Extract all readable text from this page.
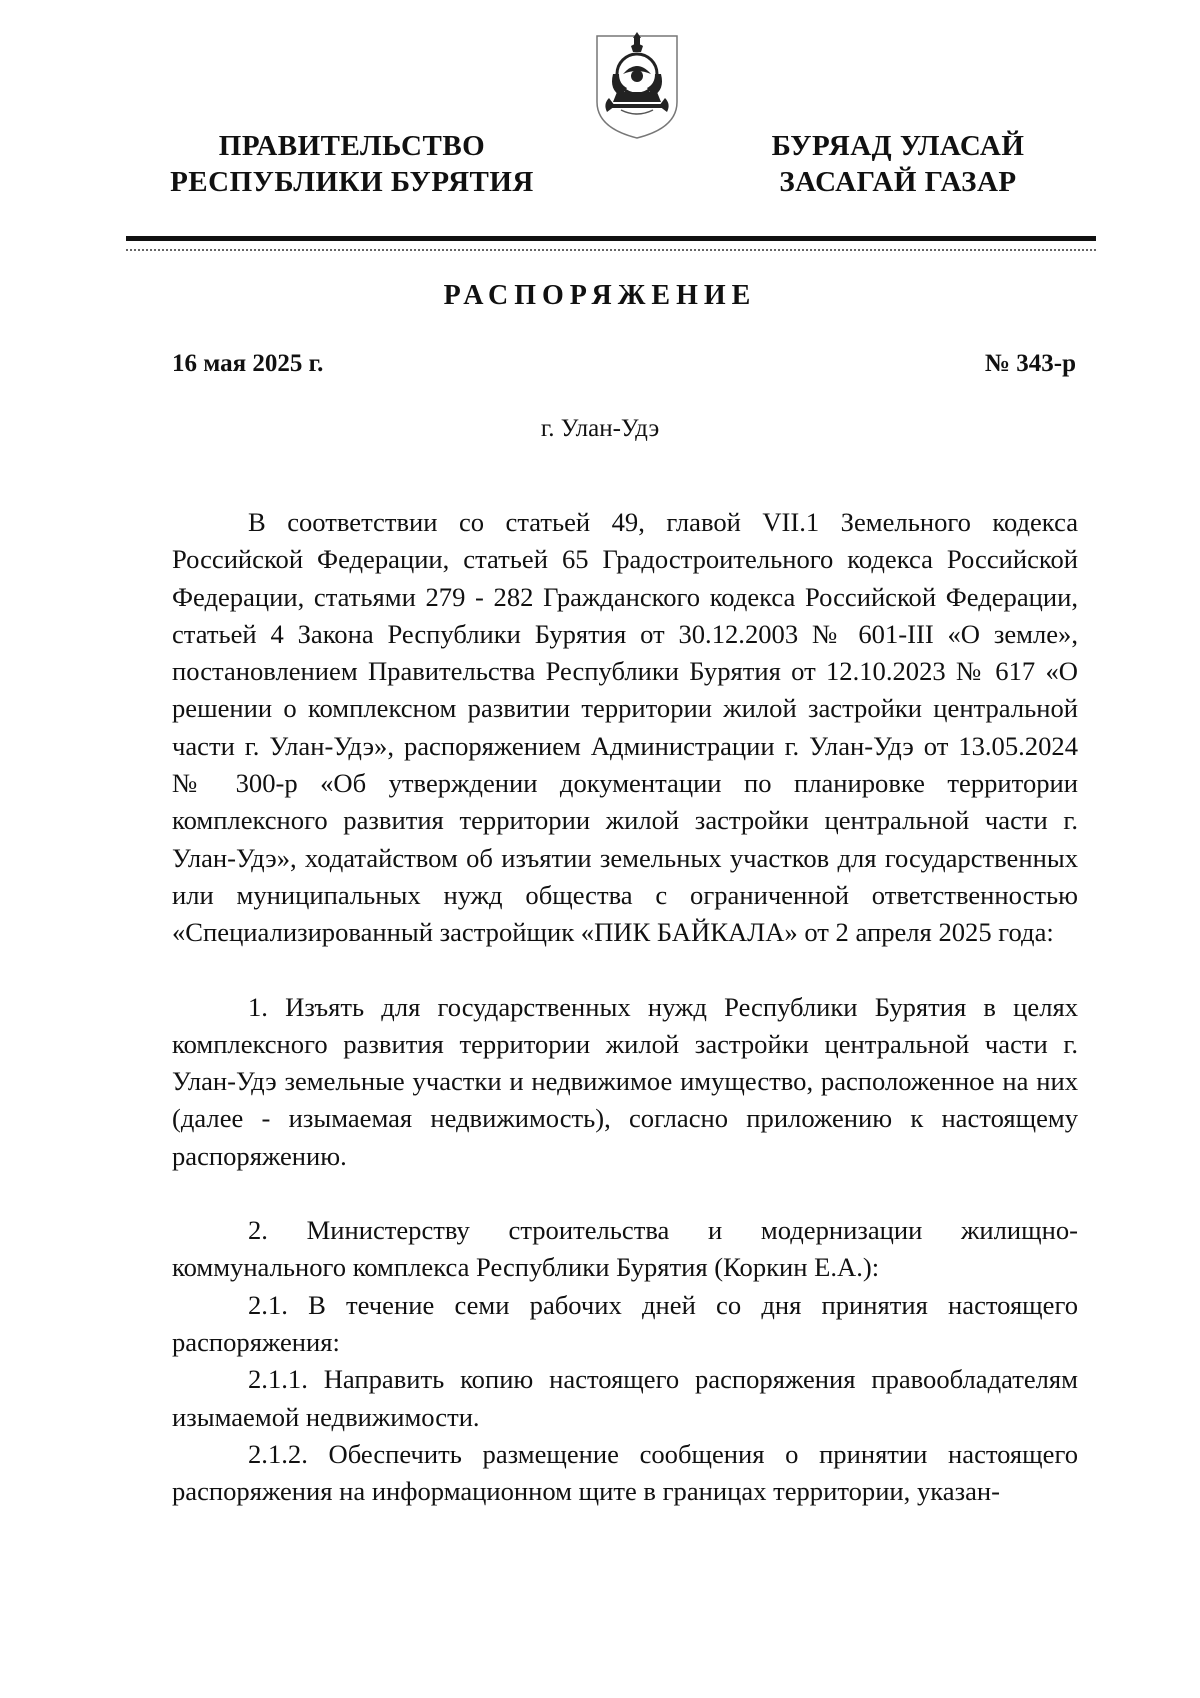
ПРАВИТЕЛЬСТВО
РЕСПУБЛИКИ БУРЯТИЯ
БУРЯАД УЛАСАЙ
ЗАСАГАЙ ГАЗАР
РАСПОРЯЖЕНИЕ
16 мая 2025 г.	№ 343-р
г. Улан-Удэ

В соответствии со статьей 49, главой VII.1 Земельного кодекса Российской Федерации, статьей 65 Градостроительного кодекса Российской Федерации, статьями 279 - 282 Гражданского кодекса Российской Федерации, статьей 4 Закона Республики Бурятия от 30.12.2003 № 601-III «О земле», постановлением Правительства Республики Бурятия от 12.10.2023 № 617 «О решении о комплексном развитии территории жилой застройки центральной части г. Улан-Удэ», распоряжением Администрации г. Улан-Удэ от 13.05.2024 № 300-р «Об утверждении документации по планировке территории комплексного развития территории жилой застройки центральной части г. Улан-Удэ», ходатайством об изъятии земельных участков для государственных или муниципальных нужд общества с ограниченной ответственностью «Специализированный застройщик «ПИК БАЙКАЛА» от 2 апреля 2025 года:

1. Изъять для государственных нужд Республики Бурятия в целях комплексного развития территории жилой застройки центральной части г. Улан-Удэ земельные участки и недвижимое имущество, расположенное на них (далее - изымаемая недвижимость), согласно приложению к настоящему распоряжению.

2. Министерству строительства и модернизации жилищно-коммунального комплекса Республики Бурятия (Коркин Е.А.):

2.1. В течение семи рабочих дней со дня принятия настоящего распоряжения:

2.1.1. Направить копию настоящего распоряжения правообладателям изымаемой недвижимости.

2.1.2. Обеспечить размещение сообщения о принятии настоящего распоряжения на информационном щите в границах территории, указан-
